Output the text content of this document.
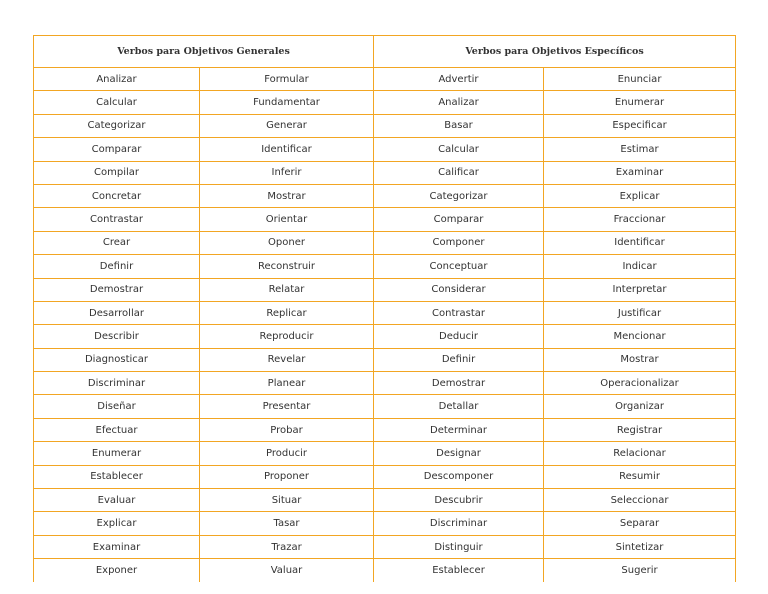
Verbos para Objetivos Generales		Verbos para Objetivos Específicos	
Analizar	Formular	Advertir	Enunciar
Calcular	Fundamentar	Analizar	Enumerar
Categorizar	Generar	Basar	Especificar
Comparar	Identificar	Calcular	Estimar
Compilar	Inferir	Calificar	Examinar
Concretar	Mostrar	Categorizar	Explicar
Contrastar	Orientar	Comparar	Fraccionar
Crear	Oponer	Componer	Identificar
Definir	Reconstruir	Conceptuar	Indicar
Demostrar	Relatar	Considerar	Interpretar
Desarrollar	Replicar	Contrastar	Justificar
Describir	Reproducir	Deducir	Mencionar
Diagnosticar	Revelar	Definir	Mostrar
Discriminar	Planear	Demostrar	Operacionalizar
Diseñar	Presentar	Detallar	Organizar
Efectuar	Probar	Determinar	Registrar
Enumerar	Producir	Designar	Relacionar
Establecer	Proponer	Descomponer	Resumir
Evaluar	Situar	Descubrir	Seleccionar
Explicar	Tasar	Discriminar	Separar
Examinar	Trazar	Distinguir	Sintetizar
Exponer	Valuar	Establecer	Sugerir
